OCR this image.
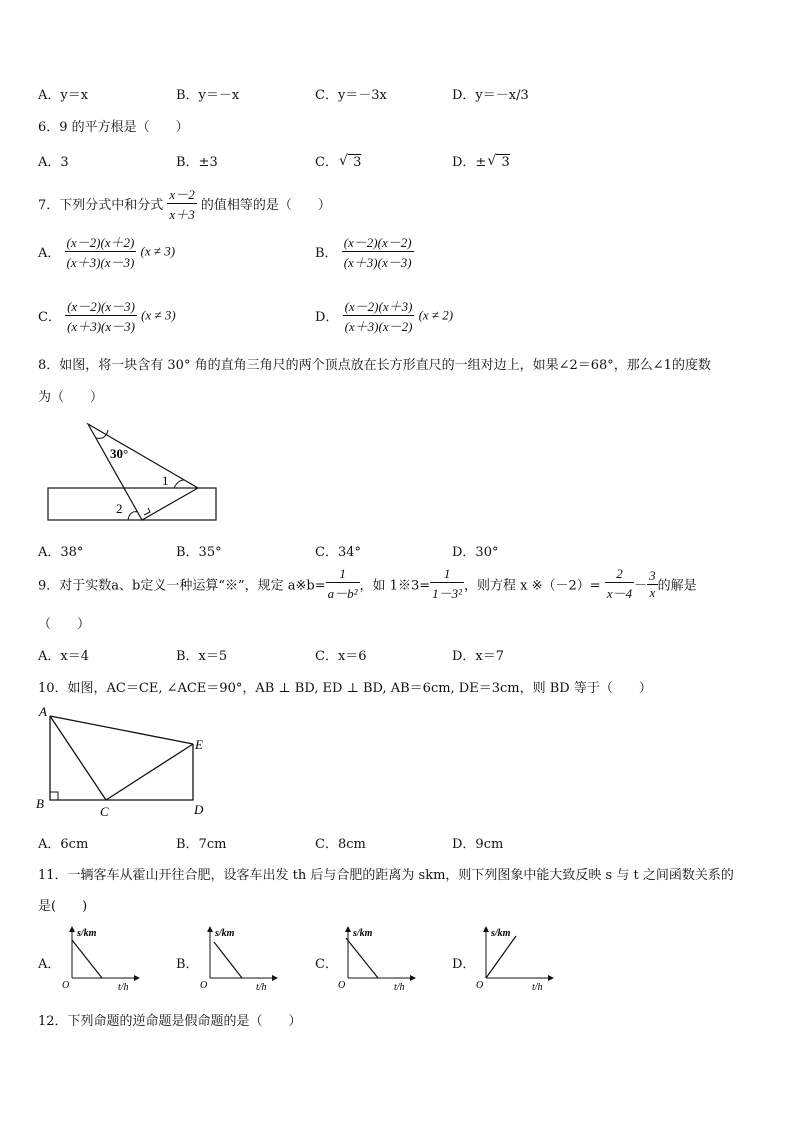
A．y＝x	B．y＝－x	C．y＝－3x	D．y＝－x/3
6．9 的平方根是（　　）
A．3	B．±3	C． √ 3	D．± √ 3
7．下列分式中和分式 $\frac{x-2}{x+3}$ 的值相等的是（　　）
A． $\frac{(x-2)(x+2)}{(x+3)(x-3)} (x \ne 3)$	B． $\frac{(x-2)(x-2)}{(x+3)(x-3)}$
C． $\frac{(x-2)(x-3)}{(x+3)(x-3)} (x \ne 3)$	D． $\frac{(x-2)(x+3)}{(x+3)(x-2)} (x \ne 2)$
8．如图，将一块含有 30° 角的直角三角尺的两个顶点放在长方形直尺的一组对边上，如果∠2＝68°，那么∠1的度数
为（　　）
30°
1
2
A．38°	B．35°	C．34°	D．30°
9．对于实数a、b定义一种运算“※”，规定 a※b= $\frac{1}{\text{a－b²}}$ ，如 1※3= $\frac{1}{\text{1－3²}}$ ，则方程 x ※（－2）= $\frac{2}{x-4} - \frac{3}{x}$ 的解是
（　　）
A．x＝4	B．x＝5	C．x＝6	D．x＝7
10．如图，AC＝CE, ∠ACE＝90°，AB ⊥ BD, ED ⊥ BD, AB＝6cm, DE＝3cm，则 BD 等于（　　）
A
B
C	D
E
A．6cm	B．7cm	C．8cm	D．9cm
11．一辆客车从霍山开往合肥，设客车出发 th 后与合肥的距离为 skm，则下列图象中能大致反映 s 与 t 之间函数关系的
是(　　)
A．	B．	C．	D．
s/km
t/h
O
s/km
t/h
O
s/km
t/h
O
s/km
t/h
O
12．下列命题的逆命题是假命题的是（　　）
